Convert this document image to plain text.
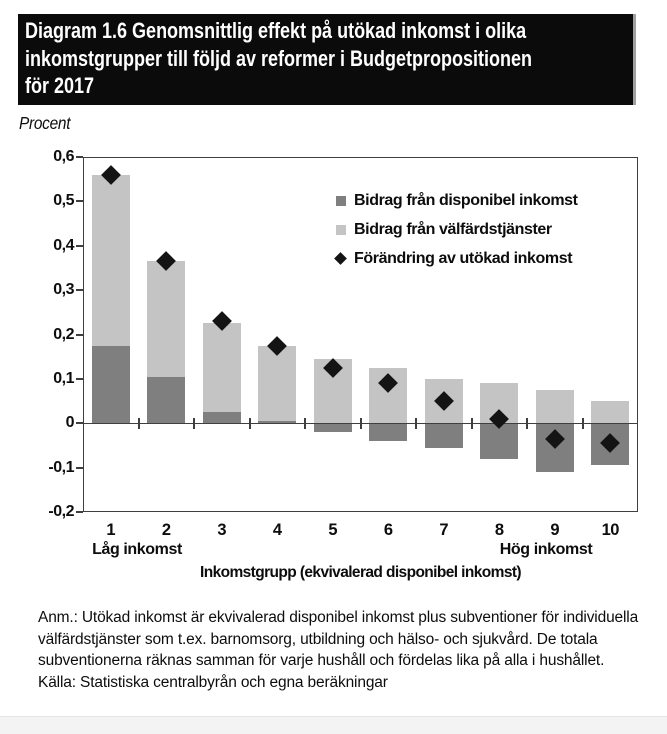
Diagram 1.6 Genomsnittlig effekt på utökad inkomst i olika
inkomstgrupper till följd av reformer i Budgetpropositionen
för 2017
Procent
0,6
0,5
0,4
0,3
0,2
0,1
0
-0,1
-0,2
1	2	3	4	5	6	7	8	9	10
Bidrag från disponibel inkomst
Bidrag från välfärdstjänster
Förändring av utökad inkomst
Låg inkomst	Hög inkomst
Inkomstgrupp (ekvivalerad disponibel inkomst)

Anm.: Utökad inkomst är ekvivalerad disponibel inkomst plus subventioner för individuella välfärdstjänster som t.ex. barnomsorg, utbildning och hälso- och sjukvård. De totala subventionerna räknas samman för varje hushåll och fördelas lika på alla i hushållet.

Källa: Statistiska centralbyrån och egna beräkningar
